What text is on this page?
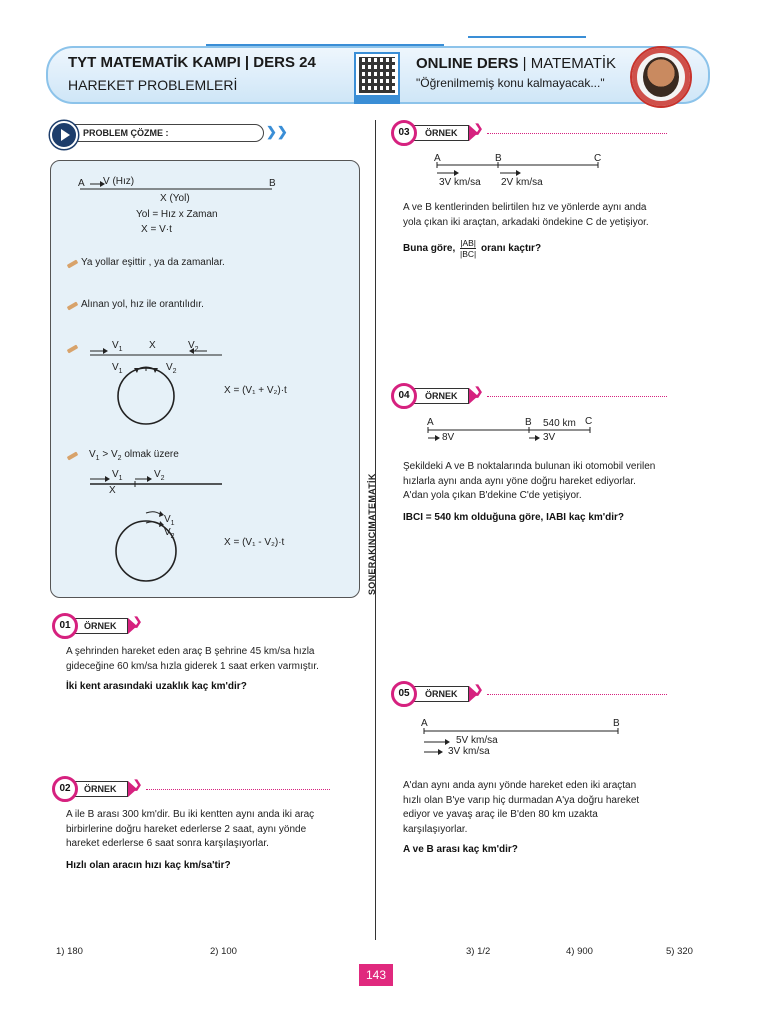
TYT MATEMATİK KAMPI | DERS 24
HAREKET PROBLEMLERİ
ONLINE DERS | MATEMATİK
"Öğrenilmemiş konu kalmayacak..."
PROBLEM ÇÖZME :	❯❯
A V (Hız)	B
X (Yol)
Yol = Hız x Zaman
X = V·t
Ya yollar eşittir , ya da zamanlar.
Alınan yol, hız ile orantılıdır.
$V_1$	X	$V_2$
$V_1$	$V_2$
X = (V₁ + V₂)·t
$V_1 > V_2$ olmak üzere
$V_1$	$V_2$
X
$V_1$
$V_2$
X = (V₁ - V₂)·t
ÖRNEK	❯
01
A şehrinden hareket eden araç B şehrine 45 km/sa hızla
gideceğine 60 km/sa hızla giderek 1 saat erken varmıştır.
İki kent arasındaki uzaklık kaç km'dir?
ÖRNEK	❯
02
A ile B arası 300 km'dir. Bu iki kentten aynı anda iki araç
birbirlerine doğru hareket ederlerse 2 saat, aynı yönde
hareket ederlerse 6 saat sonra karşılaşıyorlar.
Hızlı olan aracın hızı kaç km/sa'tir?
SONERAKINCIMATEMATİK
ÖRNEK	❯
03
A	B	C
3V km/sa 2V km/sa
A ve B kentlerinden belirtilen hız ve yönlerde aynı anda
yola çıkan iki araçtan, arkadaki öndekine C de yetişiyor.
Buna göre, $\frac{|AB|}{|BC|}$ oranı kaçtır?
ÖRNEK	❯
04
A	B 540 km C
8V	3V
Şekildeki A ve B noktalarında bulunan iki otomobil verilen
hızlarla aynı anda aynı yöne doğru hareket ediyorlar.
A'dan yola çıkan B'dekine C'de yetişiyor.
IBCI = 540 km olduğuna göre, IABI kaç km'dir?
ÖRNEK	❯
05
A	B
5V km/sa
3V km/sa
A'dan aynı anda aynı yönde hareket eden iki araçtan
hızlı olan B'ye varıp hiç durmadan A'ya doğru hareket
ediyor ve yavaş araç ile B'den 80 km uzakta
karşılaşıyorlar.
A ve B arası kaç km'dir?
1) 180	2) 100	3) 1/2	4) 900	5) 320
143
